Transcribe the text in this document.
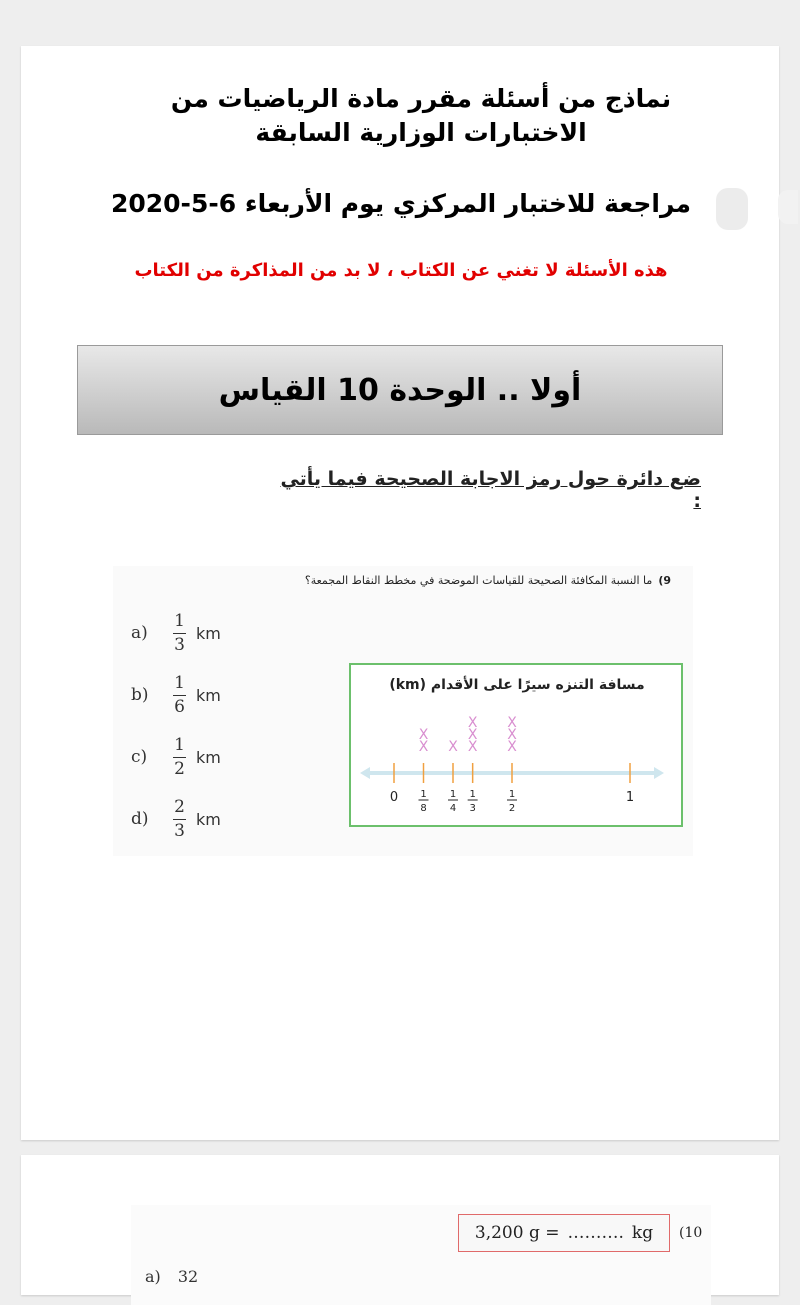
نماذج من أسئلة مقرر مادة الرياضيات من الاختبارات الوزارية السابقة
مراجعة للاختبار المركزي يوم الأربعاء 6-5-2020
هذه الأسئلة لا تغني عن الكتاب ، لا بد من المذاكرة من الكتاب
أولا .. الوحدة 10 القياس
ضع دائرة حول رمز الاجابة الصحيحة فيما يأتي :
9)ما النسبة المكافئة الصحيحة للقياسات الموضحة في مخطط النقاط المجمعة؟
a)	$\frac{1}{3}$ km
b)	$\frac{1}{6}$ km
c)	$\frac{1}{2}$ km
d)	$\frac{2}{3}$ km
مسافة التنزه سيرًا على الأقدام (km)
0 1
8
1
4
1
3
1
2
1
X
X
X X
X
X
X
X
X
3,200 g = ………. kg (10
a) 32
